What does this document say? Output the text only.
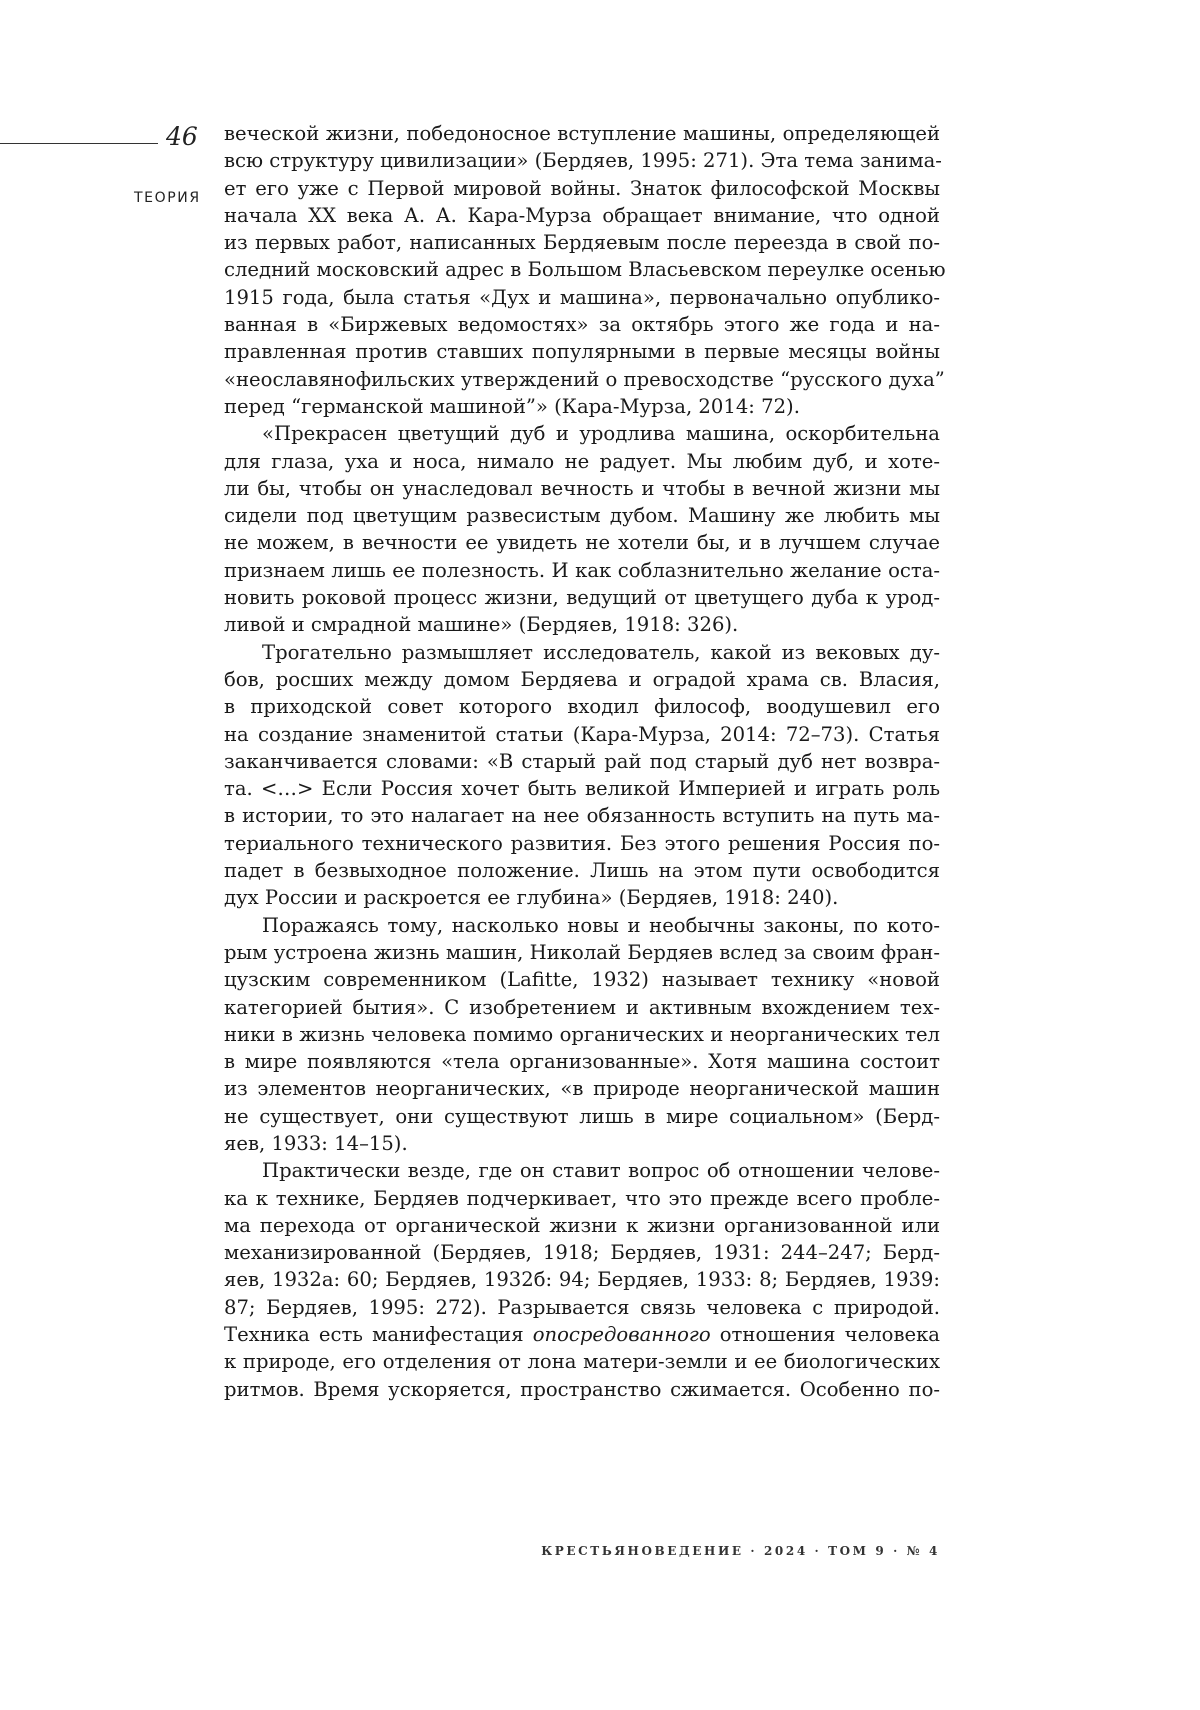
46
ТЕОРИЯ
веческой жизни, победоносное вступление машины, определяющей
всю структуру цивилизации» (Бердяев, 1995: 271). Эта тема занима-
ет его уже с Первой мировой войны. Знаток философской Москвы
начала XX века А. А. Кара-Мурза обращает внимание, что одной
из первых работ, написанных Бердяевым после переезда в свой по-
следний московский адрес в Большом Власьевском переулке осенью
1915 года, была статья «Дух и машина», первоначально опублико-
ванная в «Биржевых ведомостях» за октябрь этого же года и на-
правленная против ставших популярными в первые месяцы войны
«неославянофильских утверждений о превосходстве “русского духа”
перед “германской машиной”» (Кара-Мурза, 2014: 72).
«Прекрасен цветущий дуб и уродлива машина, оскорбительна
для глаза, уха и носа, нимало не радует. Мы любим дуб, и хоте-
ли бы, чтобы он унаследовал вечность и чтобы в вечной жизни мы
сидели под цветущим развесистым дубом. Машину же любить мы
не можем, в вечности ее увидеть не хотели бы, и в лучшем случае
признаем лишь ее полезность. И как соблазнительно желание оста-
новить роковой процесс жизни, ведущий от цветущего дуба к урод-
ливой и смрадной машине» (Бердяев, 1918: 326).
Трогательно размышляет исследователь, какой из вековых ду-
бов, росших между домом Бердяева и оградой храма св. Власия,
в приходской совет которого входил философ, воодушевил его
на создание знаменитой статьи (Кара-Мурза, 2014: 72–73). Статья
заканчивается словами: «В старый рай под старый дуб нет возвра-
та. <…> Если Россия хочет быть великой Империей и играть роль
в истории, то это налагает на нее обязанность вступить на путь ма-
териального технического развития. Без этого решения Россия по-
падет в безвыходное положение. Лишь на этом пути освободится
дух России и раскроется ее глубина» (Бердяев, 1918: 240).
Поражаясь тому, насколько новы и необычны законы, по кото-
рым устроена жизнь машин, Николай Бердяев вслед за своим фран-
цузским современником (Lafitte, 1932) называет технику «новой
категорией бытия». С изобретением и активным вхождением тех-
ники в жизнь человека помимо органических и неорганических тел
в мире появляются «тела организованные». Хотя машина состоит
из элементов неорганических, «в природе неорганической машин
не существует, они существуют лишь в мире социальном» (Берд-
яев, 1933: 14–15).
Практически везде, где он ставит вопрос об отношении челове-
ка к технике, Бердяев подчеркивает, что это прежде всего пробле-
ма перехода от органической жизни к жизни организованной или
механизированной (Бердяев, 1918; Бердяев, 1931: 244–247; Берд-
яев, 1932а: 60; Бердяев, 1932б: 94; Бердяев, 1933: 8; Бердяев, 1939:
87; Бердяев, 1995: 272). Разрывается связь человека с природой.
Техника есть манифестация опосредованного отношения человека
к природе, его отделения от лона матери-земли и ее биологических
ритмов. Время ускоряется, пространство сжимается. Особенно по-
КРЕСТЬЯНОВЕДЕНИЕ · 2024 · ТОМ 9 · № 4
